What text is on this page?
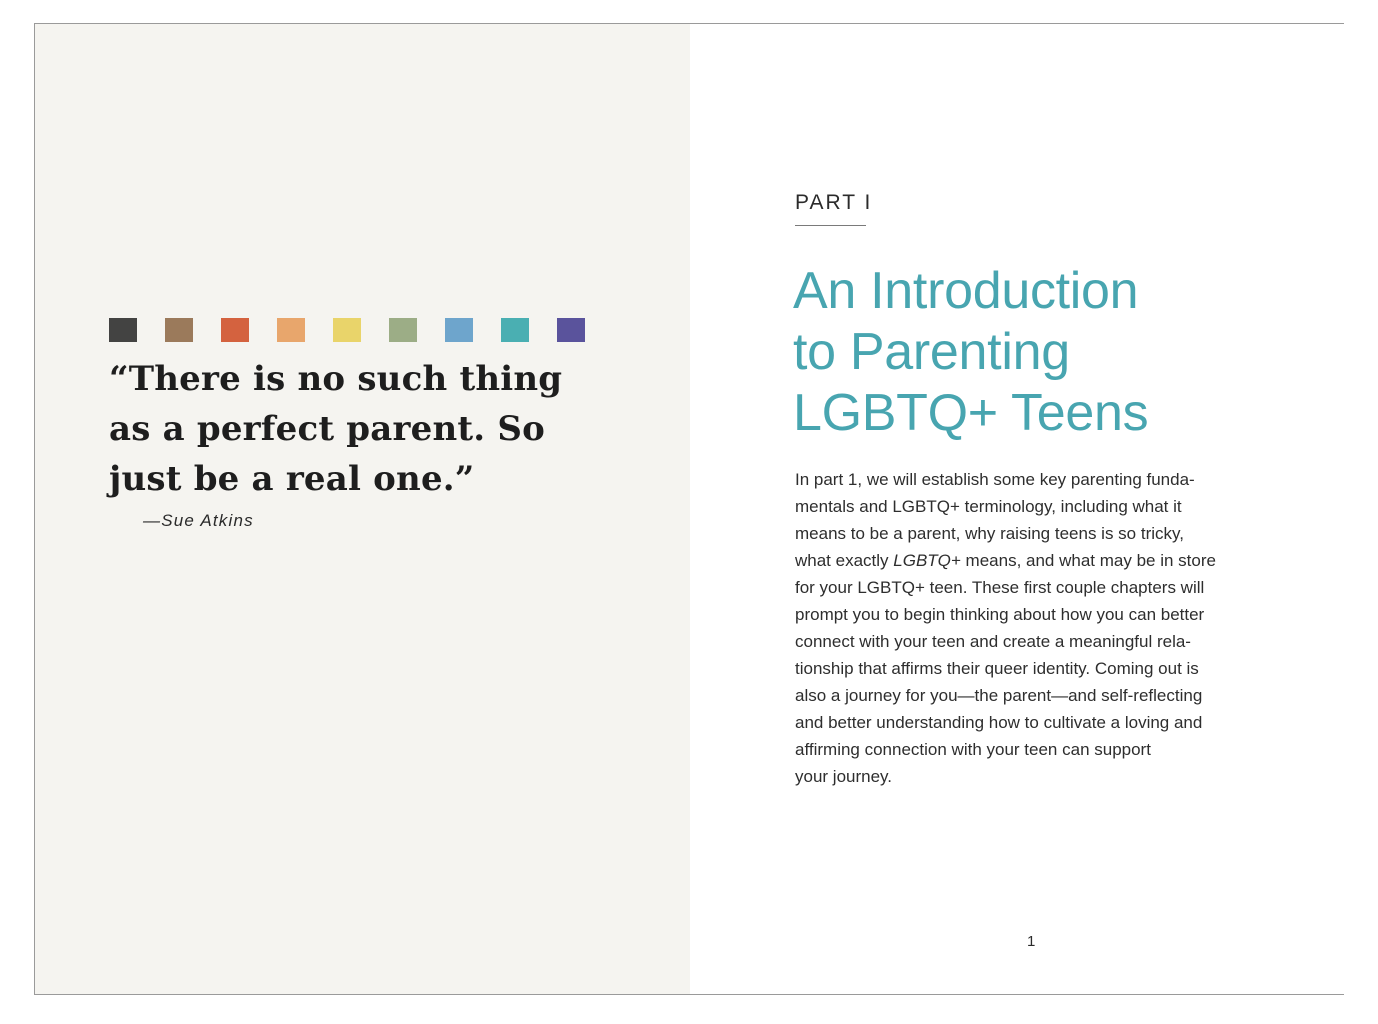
“There is no such thing
as a perfect parent. So
just be a real one.”
—Sue Atkins
PART I
An Introduction
to Parenting
LGBTQ+ Teens

In part 1, we will establish some key parenting funda-
mentals and LGBTQ+ terminology, including what it
means to be a parent, why raising teens is so tricky,
what exactly LGBTQ+ means, and what may be in store
for your LGBTQ+ teen. These first couple chapters will
prompt you to begin thinking about how you can better
connect with your teen and create a meaningful rela-
tionship that affirms their queer identity. Coming out is
also a journey for you—the parent—and self-reflecting
and better understanding how to cultivate a loving and
affirming connection with your teen can support
your journey.

1
